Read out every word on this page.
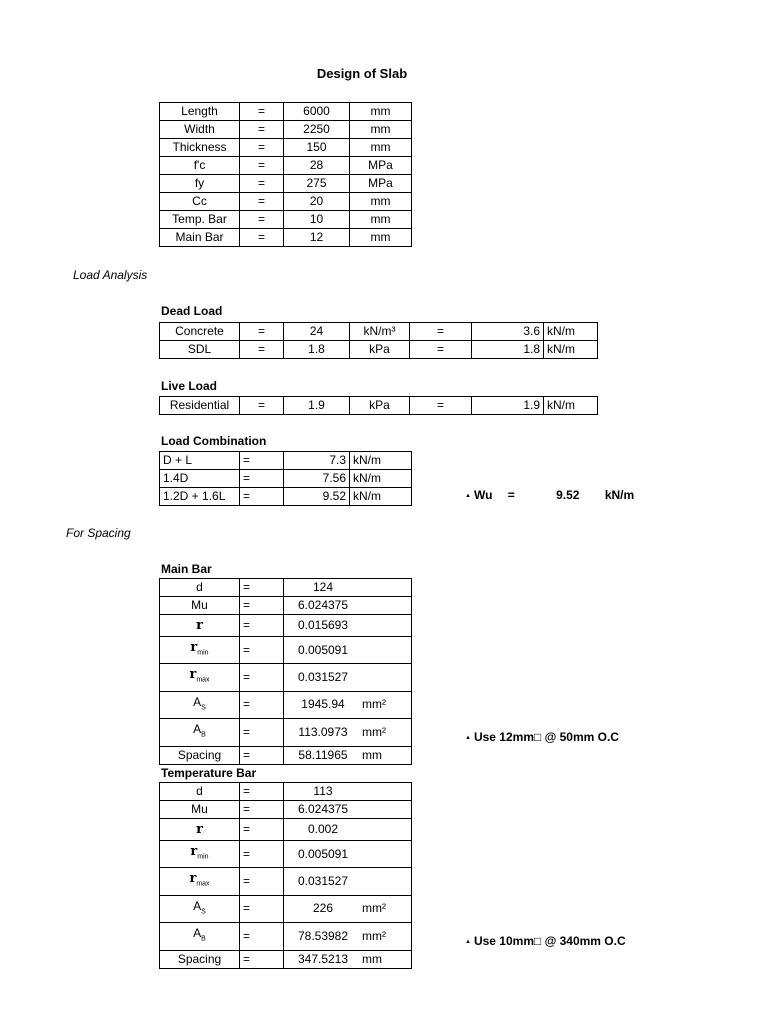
Design of Slab
Length	=	6000	mm
Width	=	2250	mm
Thickness	=	150	mm
f'c	=	28	MPa
fy	=	275	MPa
Cc	=	20	mm
Temp. Bar	=	10	mm
Main Bar	=	12	mm
Load Analysis
Dead Load
Concrete	=	24	kN/m³	=	3.6	kN/m
SDL	=	1.8	kPa	=	1.8	kN/m
Live Load
Residential	=	1.9	kPa	=	1.9	kN/m
Load Combination
D + L	=	7.3	kN/m
1.4D	=	7.56	kN/m
1.2D + 1.6L	=	9.52	kN/m	▲ Wu =	9.52 kN/m
For Spacing
Main Bar
d	=	124
Mu	=	6.024375
r	=	0.015693
$r_{min}$	=	0.005091
$r_{max}$	=	0.031527
$A_S$	=	1945.94 mm²
$A_B$	=	113.0973 mm²
Spacing	=	58.11965 mm
▲ Use 12mm□ @ 50mm O.C
Temperature Bar
d	=	113
Mu	=	6.024375
r	=	0.002
$r_{min}$	=	0.005091
$r_{max}$	=	0.031527
$A_S$	=	226 mm²
$A_B$	=	78.53982 mm²
Spacing	=	347.5213 mm
▲ Use 10mm□ @ 340mm O.C
